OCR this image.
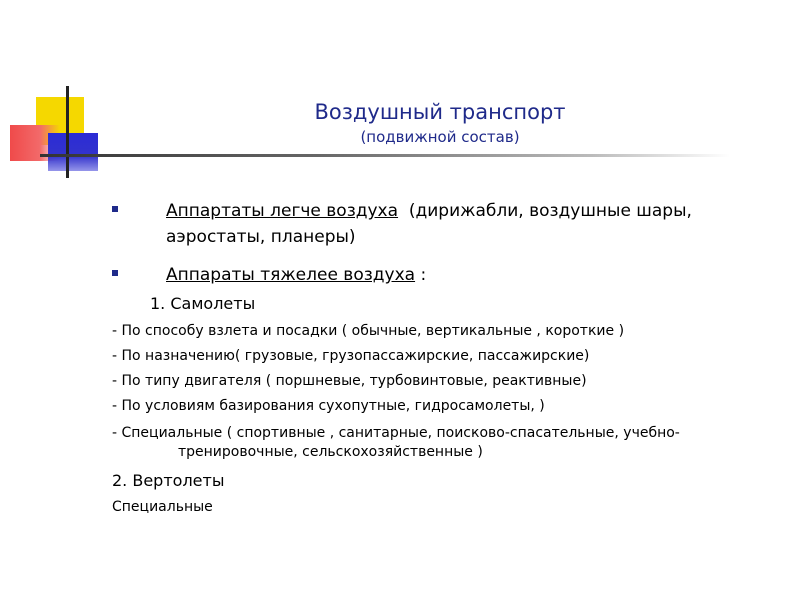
Воздушный транспорт
(подвижной состав)
Аппартаты легче воздуха (дирижабли, воздушные шары, аэростаты, планеры)
Аппараты тяжелее воздуха :
1. Самолеты
- По способу взлета и посадки ( обычные, вертикальные , короткие )
- По назначению( грузовые, грузопассажирские, пассажирские)
- По типу двигателя ( поршневые, турбовинтовые, реактивные)
- По условиям базирования сухопутные, гидросамолеты, )
- Специальные ( спортивные , санитарные, поисково-спасательные, учебно-
тренировочные, сельскохозяйственные )
2. Вертолеты
Специальные
